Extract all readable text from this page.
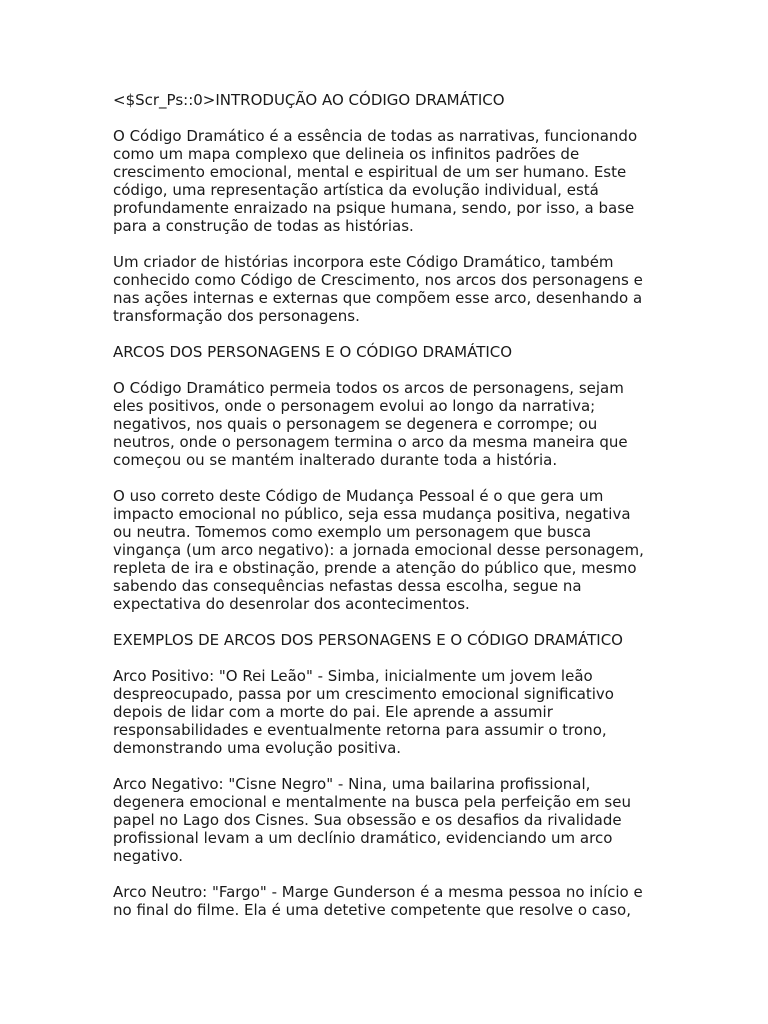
<$Scr_Ps::0>INTRODUÇÃO AO CÓDIGO DRAMÁTICO
O Código Dramático é a essência de todas as narrativas, funcionando
como um mapa complexo que delineia os infinitos padrões de
crescimento emocional, mental e espiritual de um ser humano. Este
código, uma representação artística da evolução individual, está
profundamente enraizado na psique humana, sendo, por isso, a base
para a construção de todas as histórias.
Um criador de histórias incorpora este Código Dramático, também
conhecido como Código de Crescimento, nos arcos dos personagens e
nas ações internas e externas que compõem esse arco, desenhando a
transformação dos personagens.
ARCOS DOS PERSONAGENS E O CÓDIGO DRAMÁTICO
O Código Dramático permeia todos os arcos de personagens, sejam
eles positivos, onde o personagem evolui ao longo da narrativa;
negativos, nos quais o personagem se degenera e corrompe; ou
neutros, onde o personagem termina o arco da mesma maneira que
começou ou se mantém inalterado durante toda a história.
O uso correto deste Código de Mudança Pessoal é o que gera um
impacto emocional no público, seja essa mudança positiva, negativa
ou neutra. Tomemos como exemplo um personagem que busca
vingança (um arco negativo): a jornada emocional desse personagem,
repleta de ira e obstinação, prende a atenção do público que, mesmo
sabendo das consequências nefastas dessa escolha, segue na
expectativa do desenrolar dos acontecimentos.
EXEMPLOS DE ARCOS DOS PERSONAGENS E O CÓDIGO DRAMÁTICO
Arco Positivo: "O Rei Leão" - Simba, inicialmente um jovem leão
despreocupado, passa por um crescimento emocional significativo
depois de lidar com a morte do pai. Ele aprende a assumir
responsabilidades e eventualmente retorna para assumir o trono,
demonstrando uma evolução positiva.
Arco Negativo: "Cisne Negro" - Nina, uma bailarina profissional,
degenera emocional e mentalmente na busca pela perfeição em seu
papel no Lago dos Cisnes. Sua obsessão e os desafios da rivalidade
profissional levam a um declínio dramático, evidenciando um arco
negativo.
Arco Neutro: "Fargo" - Marge Gunderson é a mesma pessoa no início e
no final do filme. Ela é uma detetive competente que resolve o caso,
